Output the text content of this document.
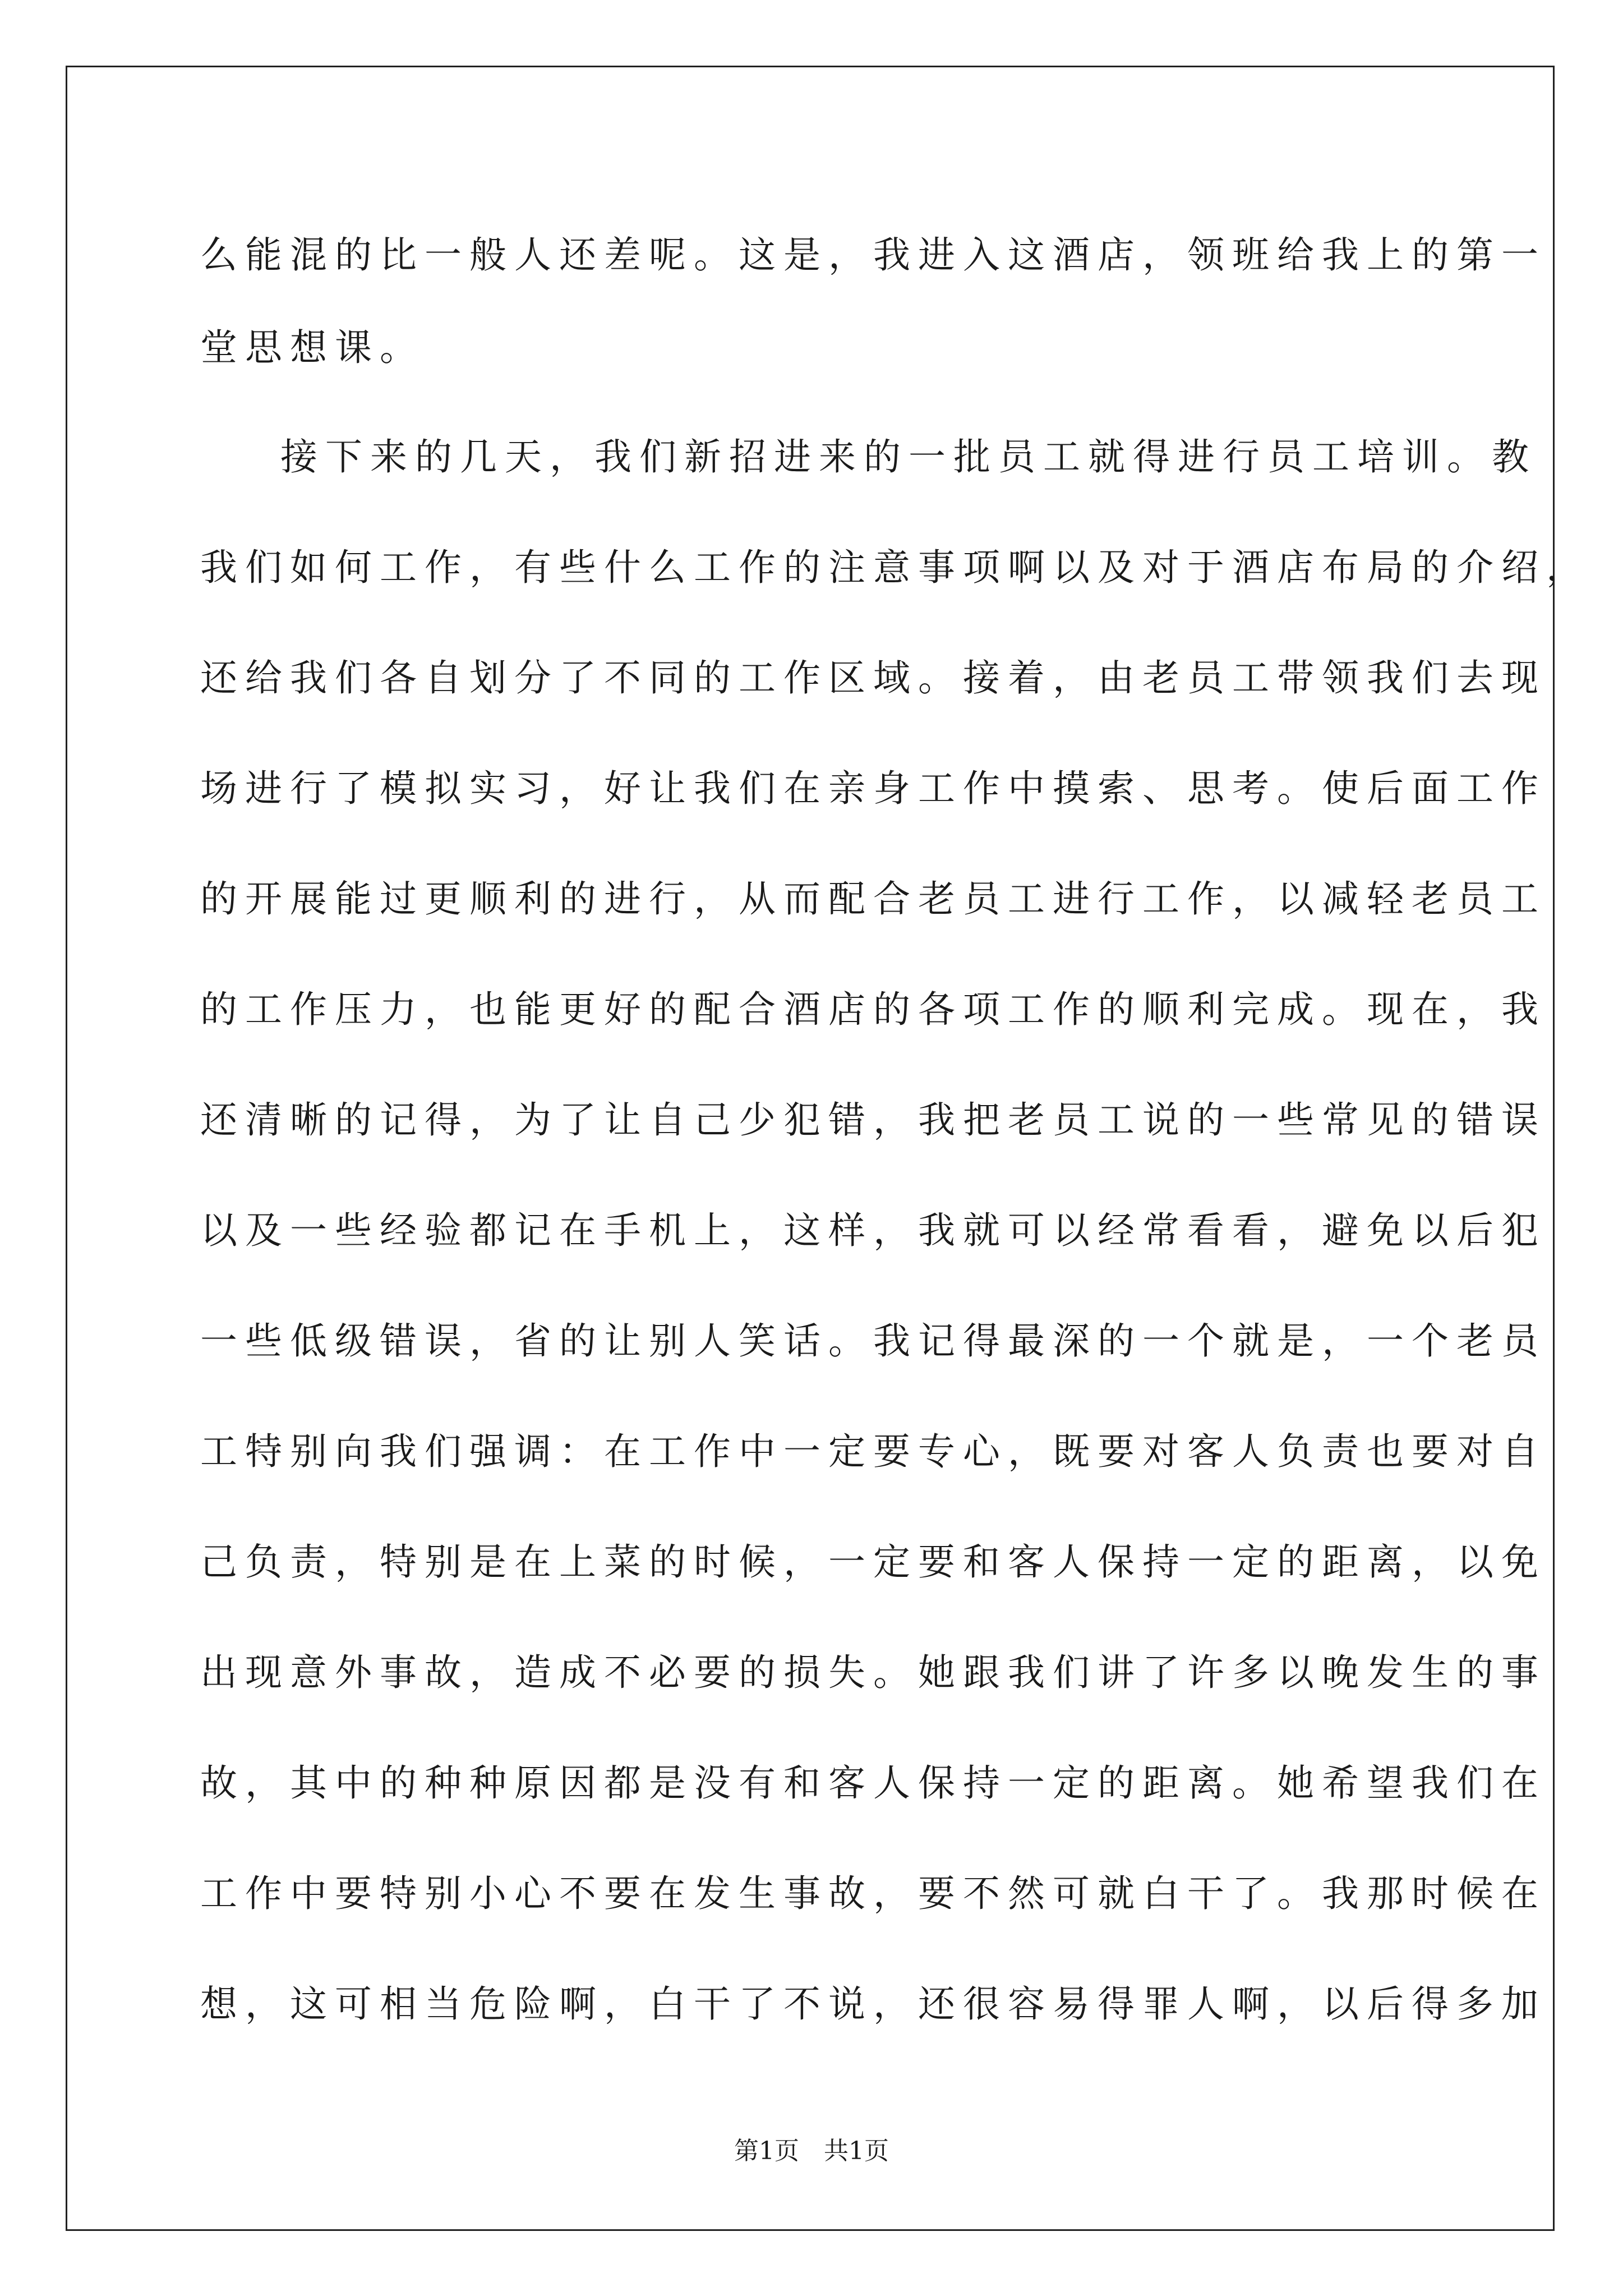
么能混的比一般人还差呢。这是，我进入这酒店，领班给我上的第一
堂思想课。
接下来的几天，我们新招进来的一批员工就得进行员工培训。教
我们如何工作，有些什么工作的注意事项啊以及对于酒店布局的介绍，
还给我们各自划分了不同的工作区域。接着，由老员工带领我们去现
场进行了模拟实习，好让我们在亲身工作中摸索、思考。使后面工作
的开展能过更顺利的进行，从而配合老员工进行工作，以减轻老员工
的工作压力，也能更好的配合酒店的各项工作的顺利完成。现在，我
还清晰的记得，为了让自己少犯错，我把老员工说的一些常见的错误
以及一些经验都记在手机上，这样，我就可以经常看看，避免以后犯
一些低级错误，省的让别人笑话。我记得最深的一个就是，一个老员
工特别向我们强调：在工作中一定要专心，既要对客人负责也要对自
己负责，特别是在上菜的时候，一定要和客人保持一定的距离，以免
出现意外事故，造成不必要的损失。她跟我们讲了许多以晚发生的事
故，其中的种种原因都是没有和客人保持一定的距离。她希望我们在
工作中要特别小心不要在发生事故，要不然可就白干了。我那时候在
想，这可相当危险啊，白干了不说，还很容易得罪人啊，以后得多加
第1页　共1页
